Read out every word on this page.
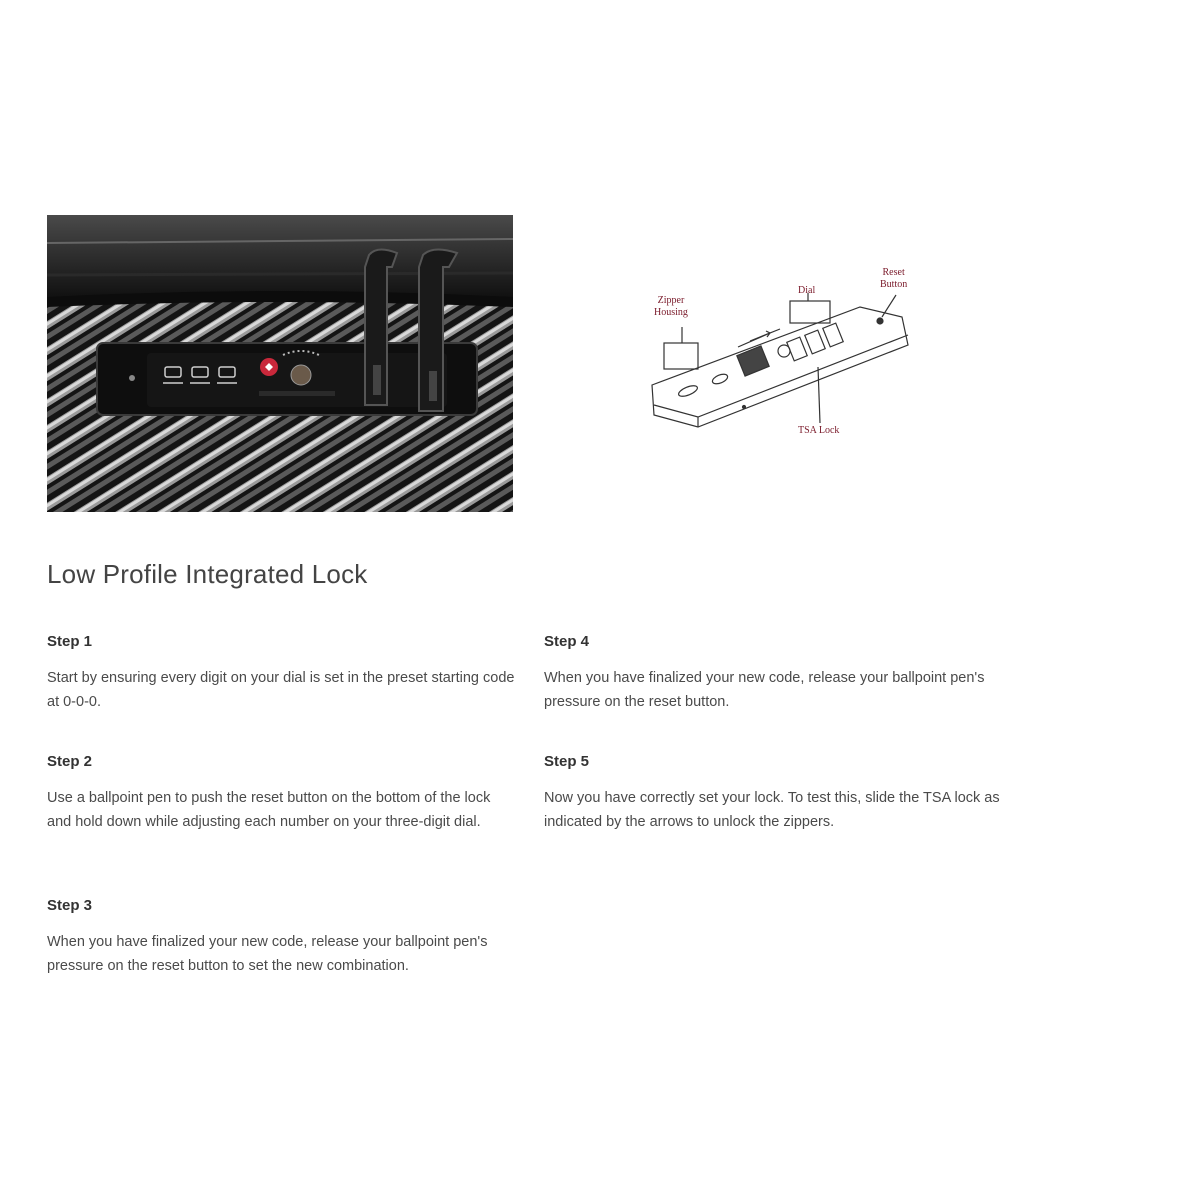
Zipper
Housing
Dial
Reset
Button
TSA Lock
Low Profile Integrated Lock
Step 1

Start by ensuring every digit on your dial is set in the preset starting code at 0-0-0.

Step 2

Use a ballpoint pen to push the reset button on the bottom of the lock and hold down while adjusting each number on your three-digit dial.

Step 3

When you have finalized your new code, release your ballpoint pen's pressure on the reset button to set the new combination.

Step 4

When you have finalized your new code, release your ballpoint pen's pressure on the reset button.

Step 5

Now you have correctly set your lock. To test this, slide the TSA lock as indicated by the arrows to unlock the zippers.
